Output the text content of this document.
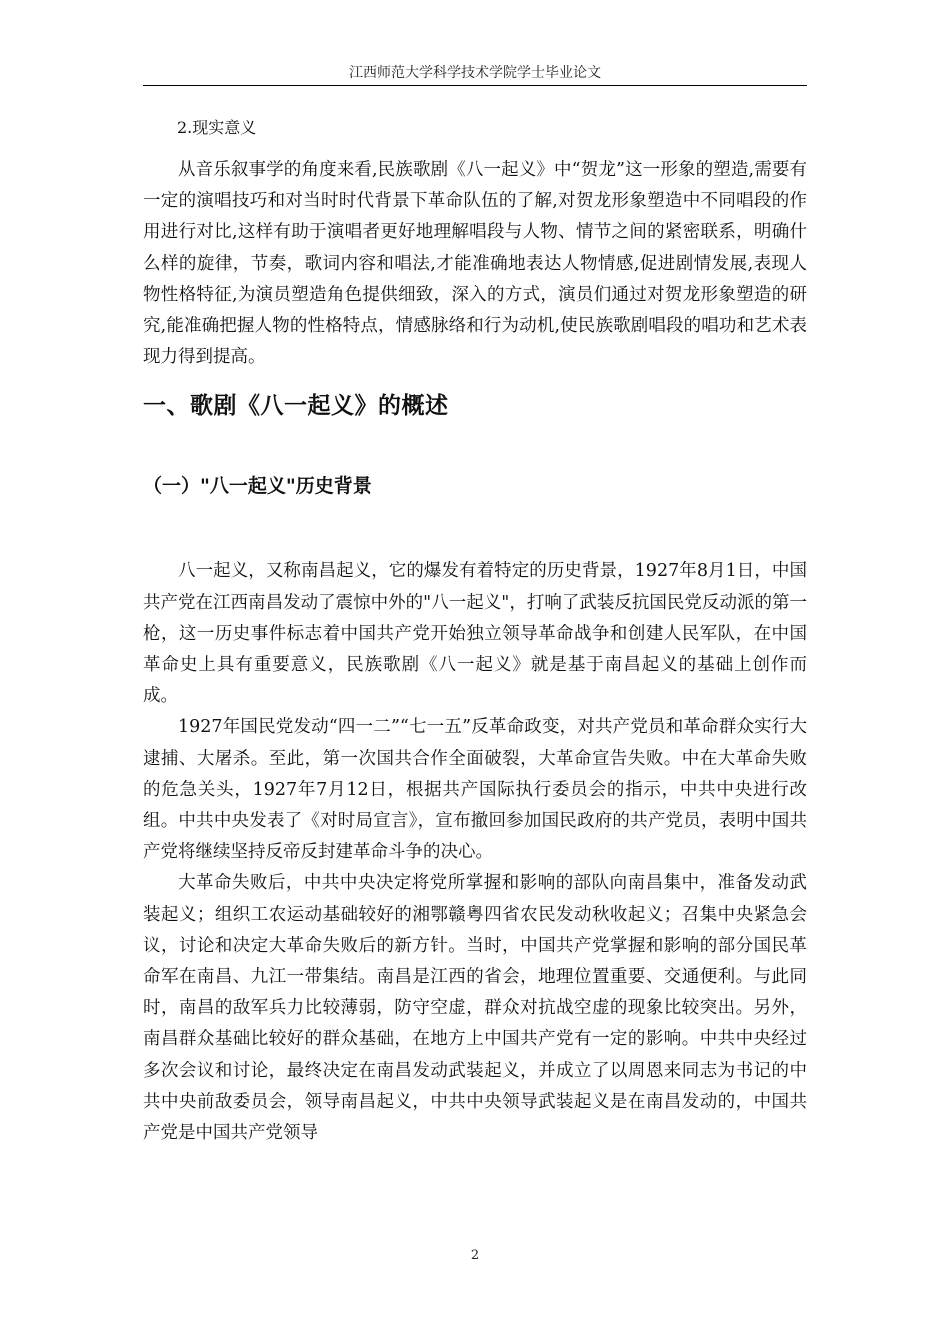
江西师范大学科学技术学院学士毕业论文

2.现实意义

从音乐叙事学的角度来看,民族歌剧《八一起义》中“贺龙”这一形象的塑造,需要有一定的演唱技巧和对当时时代背景下革命队伍的了解,对贺龙形象塑造中不同唱段的作用进行对比,这样有助于演唱者更好地理解唱段与人物、情节之间的紧密联系，明确什么样的旋律，节奏，歌词内容和唱法,才能准确地表达人物情感,促进剧情发展,表现人物性格特征,为演员塑造角色提供细致，深入的方式，演员们通过对贺龙形象塑造的研究,能准确把握人物的性格特点，情感脉络和行为动机,使民族歌剧唱段的唱功和艺术表现力得到提高。

一、歌剧《八一起义》的概述
（一）"八一起义"历史背景

八一起义，又称南昌起义，它的爆发有着特定的历史背景，1927年8月1日，中国共产党在江西南昌发动了震惊中外的"八一起义"，打响了武装反抗国民党反动派的第一枪，这一历史事件标志着中国共产党开始独立领导革命战争和创建人民军队，在中国革命史上具有重要意义，民族歌剧《八一起义》就是基于南昌起义的基础上创作而成。

1927年国民党发动“四一二”“七一五”反革命政变，对共产党员和革命群众实行大逮捕、大屠杀。至此，第一次国共合作全面破裂，大革命宣告失败。中在大革命失败的危急关头，1927年7月12日，根据共产国际执行委员会的指示，中共中央进行改组。中共中央发表了《对时局宣言》，宣布撤回参加国民政府的共产党员，表明中国共产党将继续坚持反帝反封建革命斗争的决心。

大革命失败后，中共中央决定将党所掌握和影响的部队向南昌集中，准备发动武装起义；组织工农运动基础较好的湘鄂赣粤四省农民发动秋收起义；召集中央紧急会议，讨论和决定大革命失败后的新方针。当时，中国共产党掌握和影响的部分国民革命军在南昌、九江一带集结。南昌是江西的省会，地理位置重要、交通便利。与此同时，南昌的敌军兵力比较薄弱，防守空虚，群众对抗战空虚的现象比较突出。另外，南昌群众基础比较好的群众基础，在地方上中国共产党有一定的影响。中共中央经过多次会议和讨论，最终决定在南昌发动武装起义，并成立了以周恩来同志为书记的中共中央前敌委员会，领导南昌起义，中共中央领导武装起义是在南昌发动的，中国共产党是中国共产党领导

2
